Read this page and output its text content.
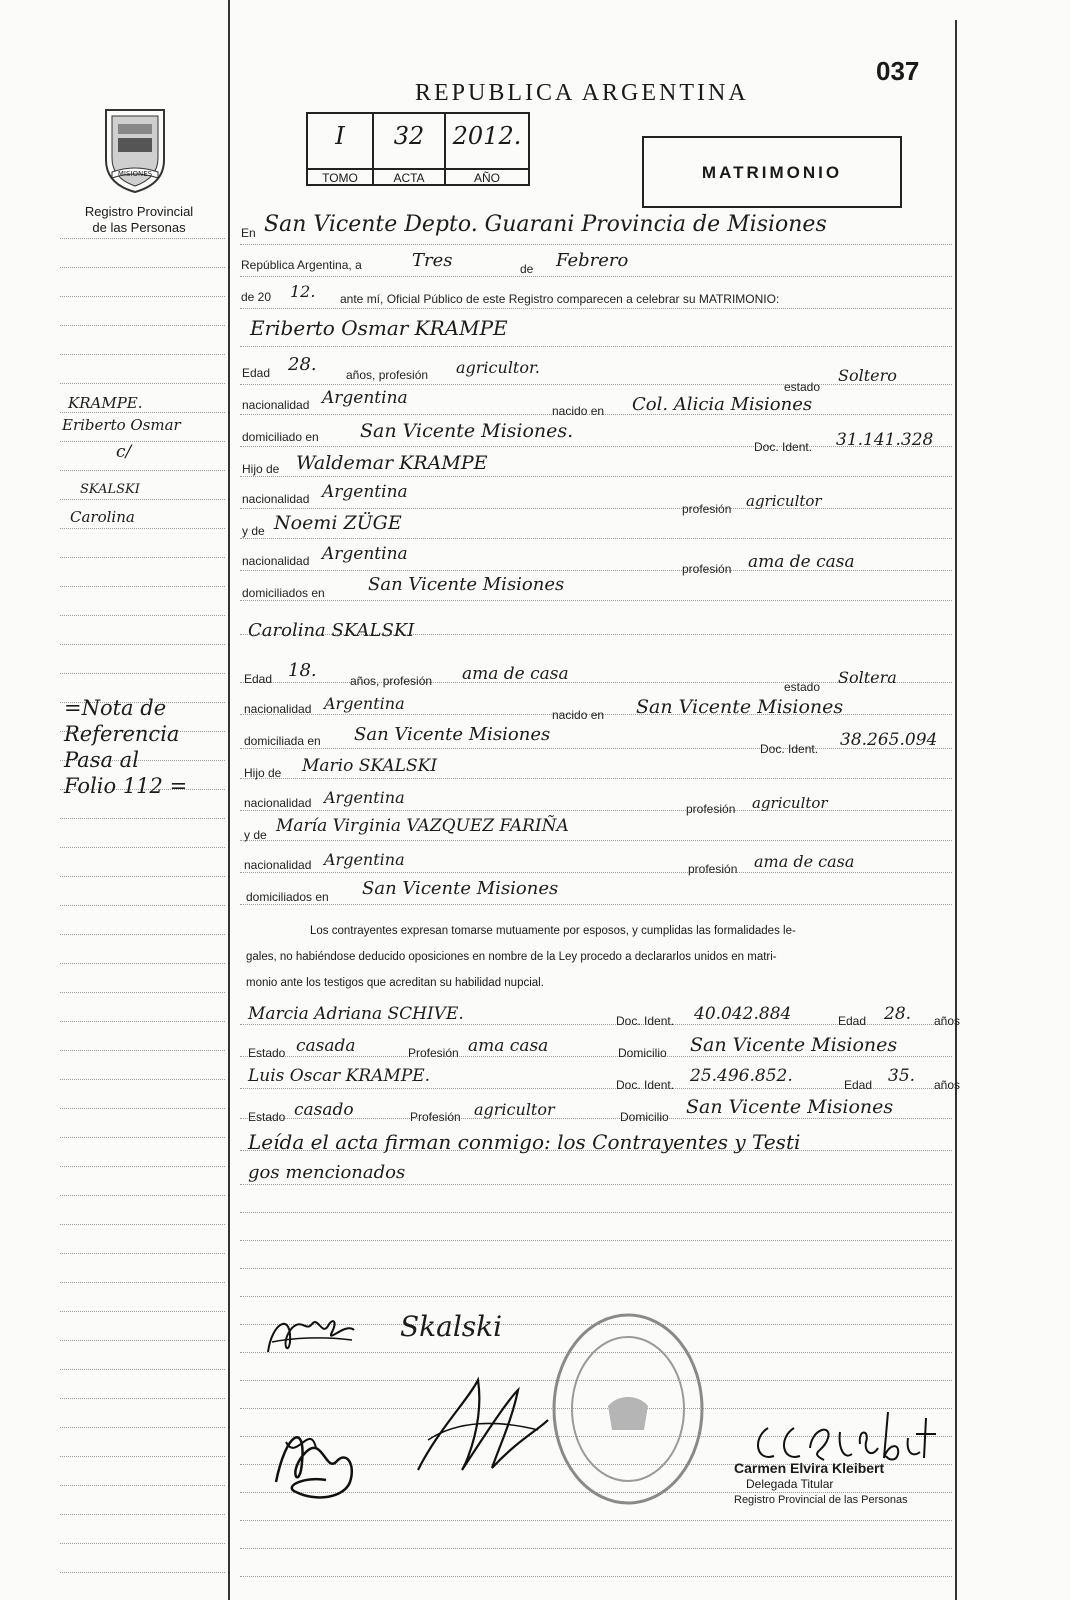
037
REPUBLICA ARGENTINA
I	32	2012.
TOMO	ACTA	AÑO	MATRIMONIO
MISIONES
Registro Provincial
de las Personas
KRAMPE.
Eriberto Osmar
c/
SKALSKI
Carolina
=Nota de
Referencia
Pasa al
Folio 112 =
En San Vicente Depto. Guarani Provincia de Misiones
República Argentina, a	Tres	de Febrero
de 20 12. ante mí, Oficial Público de este Registro comparecen a celebrar su MATRIMONIO:
Eriberto Osmar KRAMPE
Edad 28. años, profesión agricultor.
estado
Soltero
nacionalidad Argentina
nacido en Col. Alicia Misiones
domiciliado en San Vicente Misiones.
Doc. Ident. 31.141.328
Hijo de Waldemar KRAMPE
nacionalidad Argentina
profesión agricultor
y de Noemi ZÜGE
nacionalidad Argentina
profesión ama de casa
domiciliados en San Vicente Misiones
Carolina SKALSKI
Edad 18.	años, profesión ama de casa
estado Soltera
nacionalidad Argentina
nacido en San Vicente Misiones
domiciliada en San Vicente Misiones
Doc. Ident. 38.265.094
Hijo de Mario SKALSKI
nacionalidad Argentina
profesión agricultor
y de María Virginia VAZQUEZ FARIÑA
nacionalidad Argentina	profesión ama de casa
domiciliados en San Vicente Misiones
Los contrayentes expresan tomarse mutuamente por esposos, y cumplidas las formalidades le-
gales, no habiéndose deducido oposiciones en nombre de la Ley procedo a declararlos unidos en matri-
monio ante los testigos que acreditan su habilidad nupcial.
Marcia Adriana SCHIVE.	Doc. Ident. 40.042.884	Edad 28. años
Estado casada	Profesión ama casa	Domicilio San Vicente Misiones
Luis Oscar KRAMPE.	Doc. Ident. 25.496.852.	Edad 35. años
Estado casado	Profesión agricultor	Domicilio San Vicente Misiones
Leída el acta firman conmigo: los Contrayentes y Testi
gos mencionados
Skalski
Carmen Elvira Kleibert
Delegada Titular
Registro Provincial de las Personas
